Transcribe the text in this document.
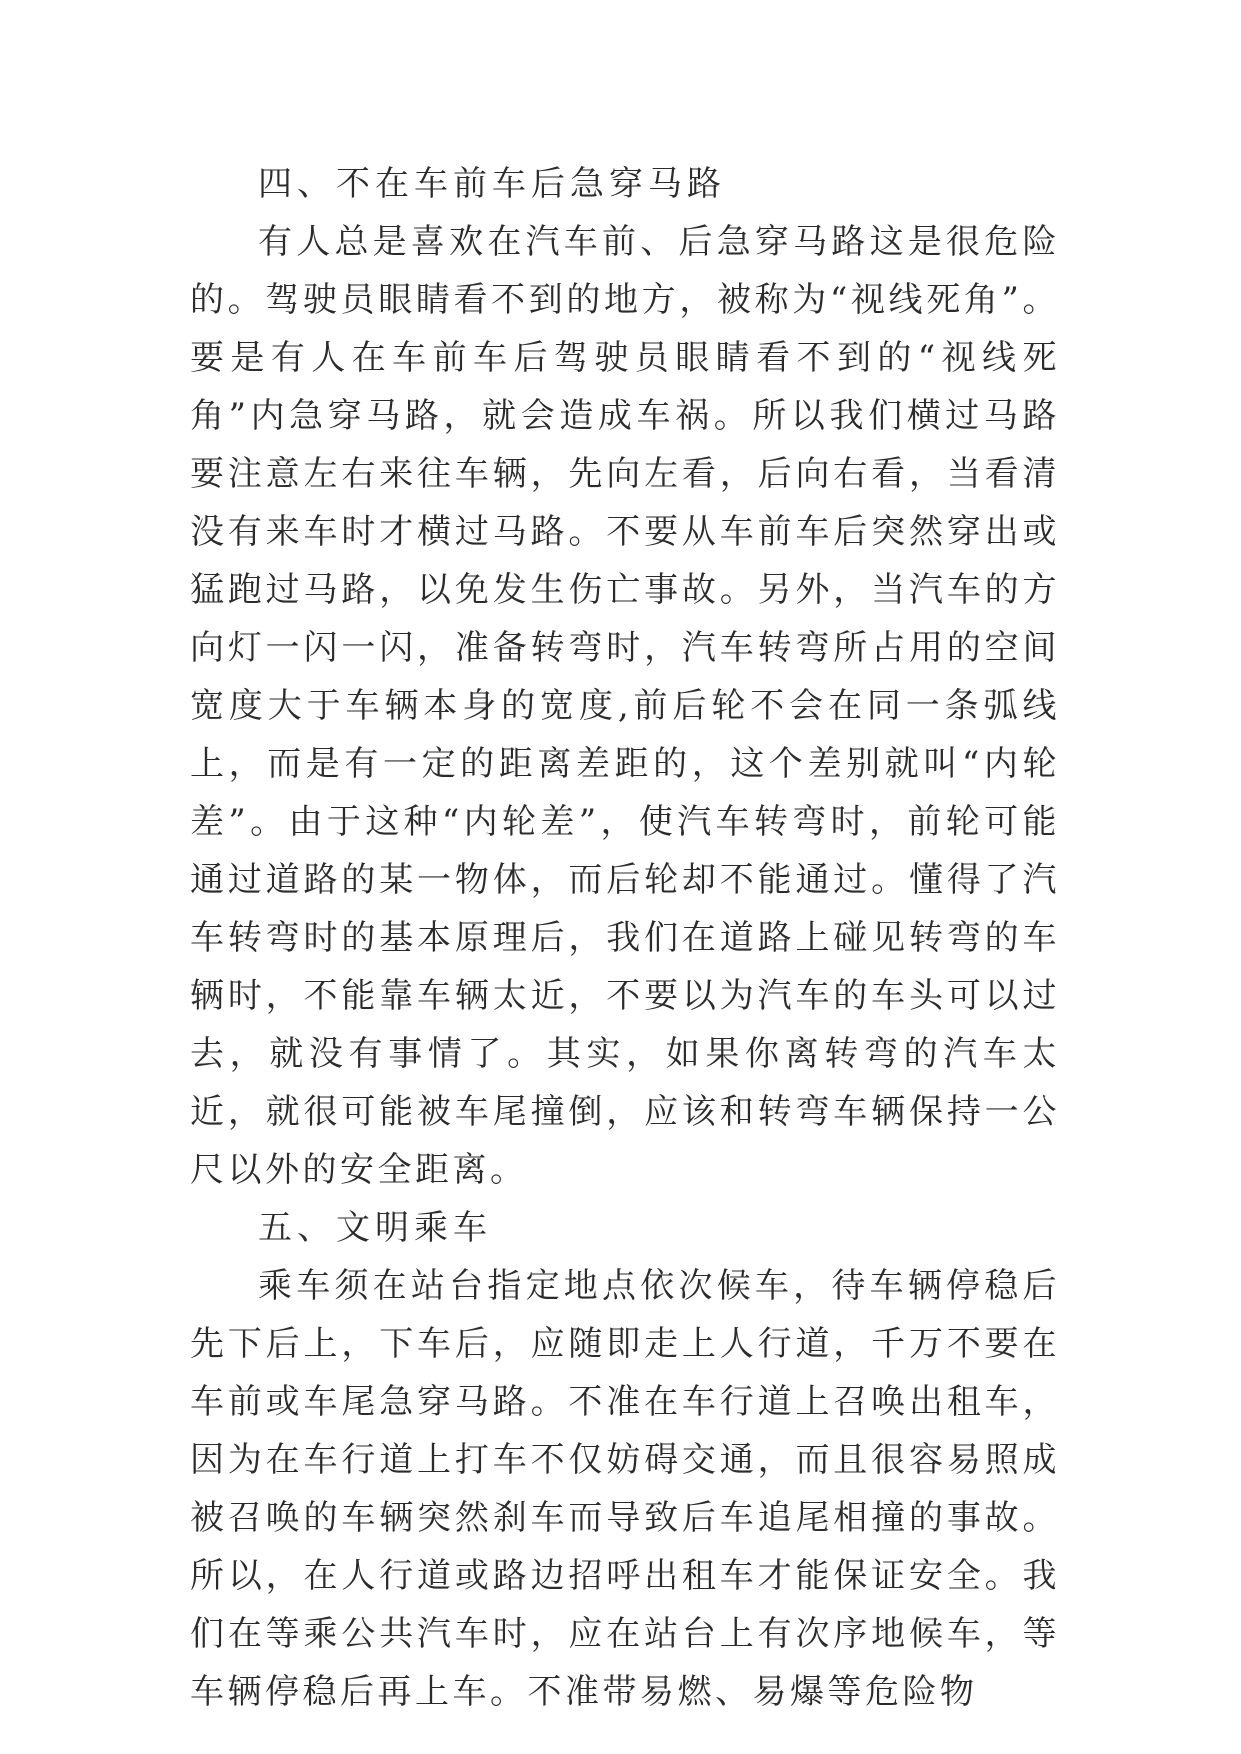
四、不在车前车后急穿马路

有人总是喜欢在汽车前、后急穿马路这是很危险的。驾驶员眼睛看不到的地方，被称为“视线死角”。要是有人在车前车后驾驶员眼睛看不到的“视线死角”内急穿马路，就会造成车祸。所以我们横过马路要注意左右来往车辆，先向左看，后向右看，当看清没有来车时才横过马路。不要从车前车后突然穿出或猛跑过马路，以免发生伤亡事故。另外，当汽车的方向灯一闪一闪，准备转弯时，汽车转弯所占用的空间宽度大于车辆本身的宽度,前后轮不会在同一条弧线上，而是有一定的距离差距的，这个差别就叫“内轮差”。由于这种“内轮差”，使汽车转弯时，前轮可能通过道路的某一物体，而后轮却不能通过。懂得了汽车转弯时的基本原理后，我们在道路上碰见转弯的车辆时，不能靠车辆太近，不要以为汽车的车头可以过去，就没有事情了。其实，如果你离转弯的汽车太近，就很可能被车尾撞倒，应该和转弯车辆保持一公尺以外的安全距离。

五、文明乘车

乘车须在站台指定地点依次候车，待车辆停稳后先下后上，下车后，应随即走上人行道，千万不要在车前或车尾急穿马路。不准在车行道上召唤出租车，因为在车行道上打车不仅妨碍交通，而且很容易照成被召唤的车辆突然刹车而导致后车追尾相撞的事故。所以，在人行道或路边招呼出租车才能保证安全。我们在等乘公共汽车时，应在站台上有次序地候车，等车辆停稳后再上车。不准带易燃、易爆等危险物
